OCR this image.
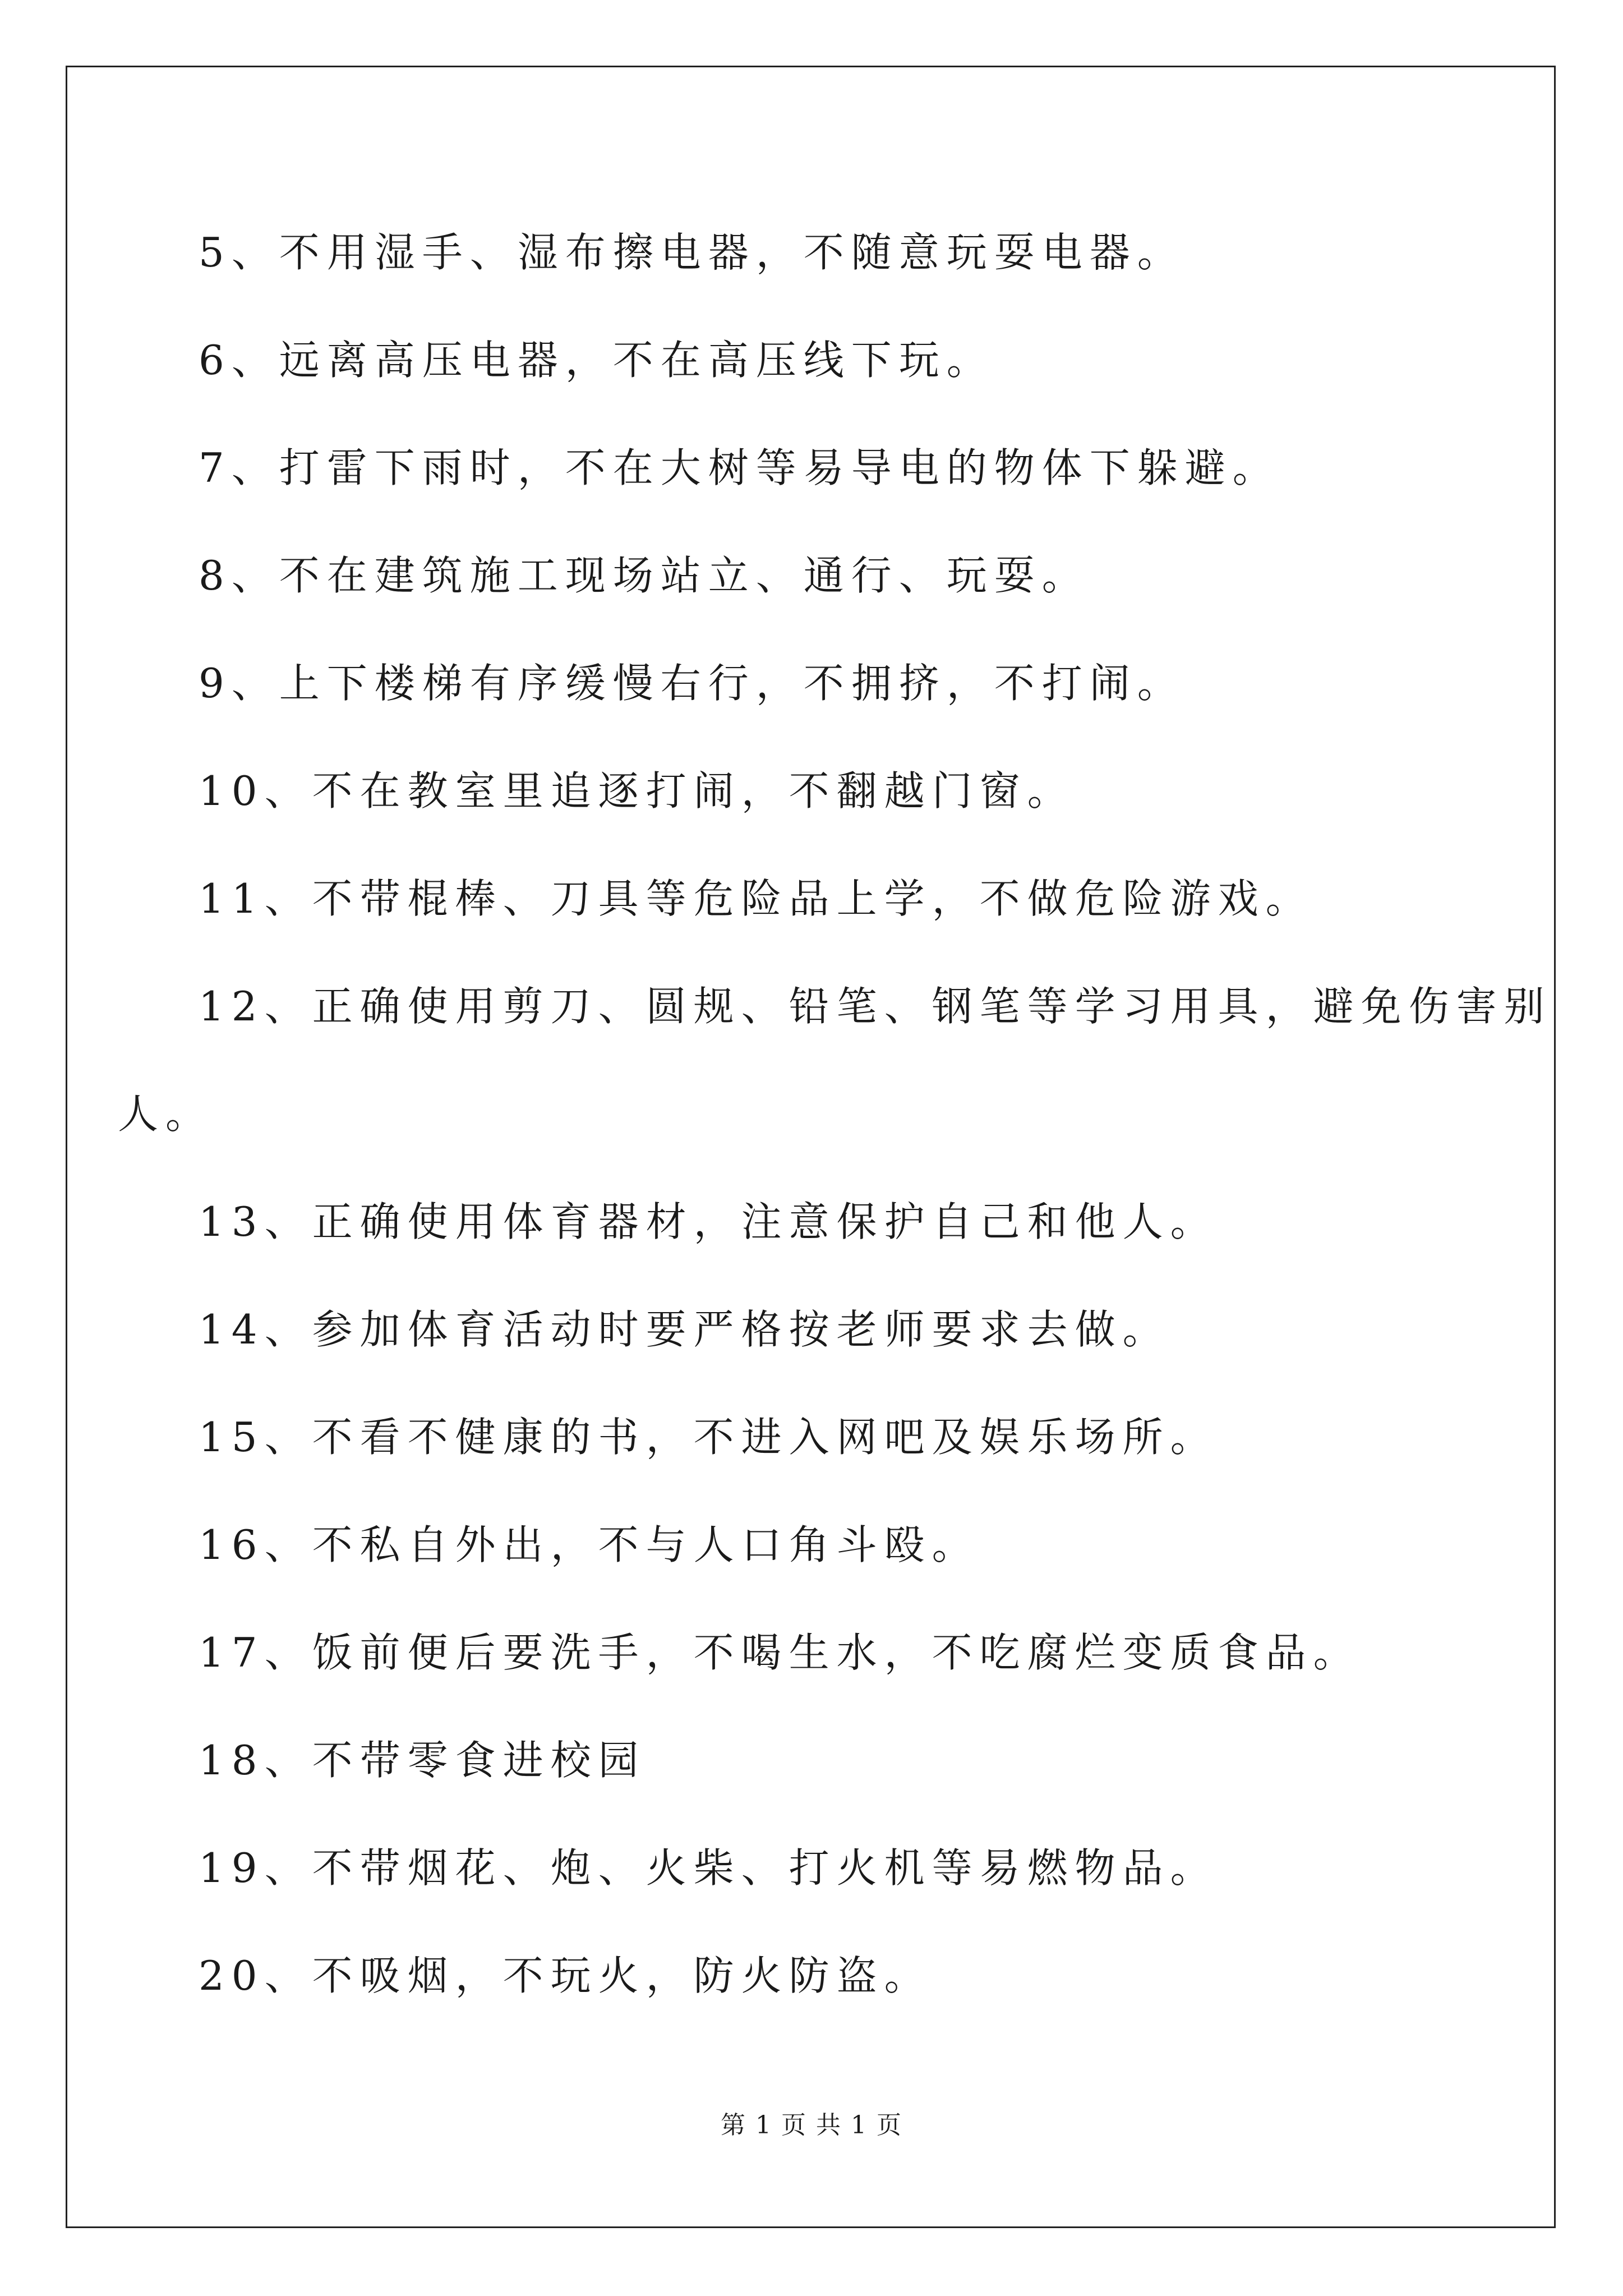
5、不用湿手、湿布擦电器，不随意玩耍电器。

6、远离高压电器，不在高压线下玩。

7、打雷下雨时，不在大树等易导电的物体下躲避。

8、不在建筑施工现场站立、通行、玩耍。

9、上下楼梯有序缓慢右行，不拥挤，不打闹。

10、不在教室里追逐打闹，不翻越门窗。

11、不带棍棒、刀具等危险品上学，不做危险游戏。

12、正确使用剪刀、圆规、铅笔、钢笔等学习用具，避免伤害别

人。

13、正确使用体育器材，注意保护自己和他人。

14、参加体育活动时要严格按老师要求去做。

15、不看不健康的书，不进入网吧及娱乐场所。

16、不私自外出，不与人口角斗殴。

17、饭前便后要洗手，不喝生水，不吃腐烂变质食品。

18、不带零食进校园

19、不带烟花、炮、火柴、打火机等易燃物品。

20、不吸烟，不玩火，防火防盗。

第 1 页 共 1 页
